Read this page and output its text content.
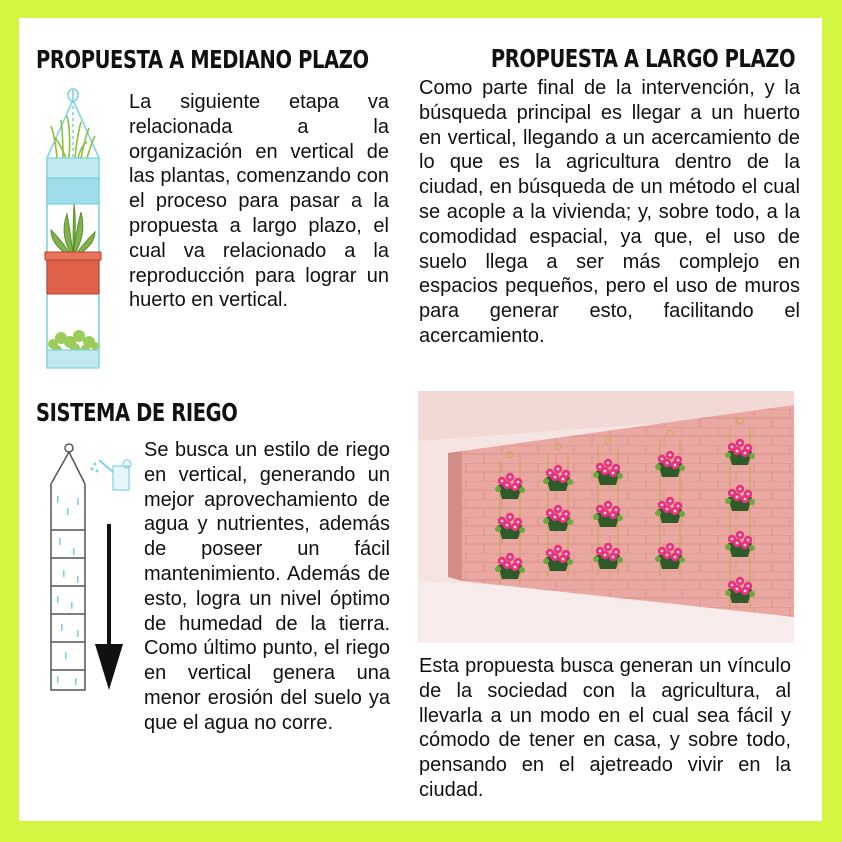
PROPUESTA A MEDIANO PLAZO

La siguiente etapa va relacionada a la organización en vertical de las plantas, comenzando con el proceso para pasar a la propuesta a largo plazo, el cual va relacionado a la reproducción para lograr un huerto en vertical.

PROPUESTA A LARGO PLAZO

Como parte final de la intervención, y la búsqueda principal es llegar a un huerto en vertical, llegando a un acercamiento de lo que es la agricultura dentro de la ciudad, en búsqueda de un método el cual se acople a la vivienda; y, sobre todo, a la comodidad espacial, ya que, el uso de suelo llega a ser más complejo en espacios pequeños, pero el uso de muros para generar esto, facilitando el acercamiento.

Esta propuesta busca generan un vínculo de la sociedad con la agricultura, al llevarla a un modo en el cual sea fácil y cómodo de tener en casa, y sobre todo, pensando en el ajetreado vivir en la ciudad.

SISTEMA DE RIEGO

Se busca un estilo de riego en vertical, generando un mejor aprovechamiento de agua y nutrientes, además de poseer un fácil mantenimiento. Además de esto, logra un nivel óptimo de humedad de la tierra. Como último punto, el riego en vertical genera una menor erosión del suelo ya que el agua no corre.
